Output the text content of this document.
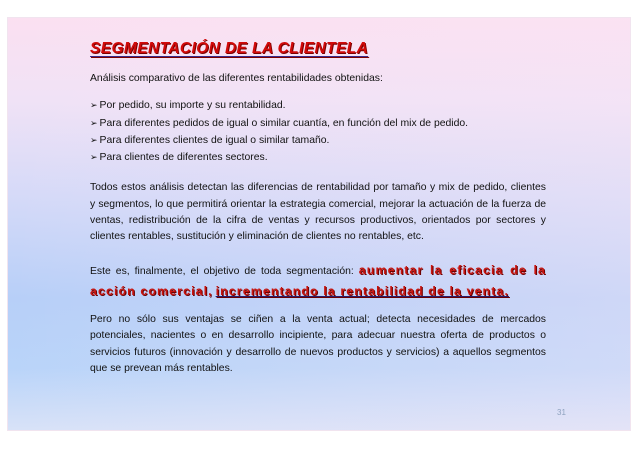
SEGMENTACIÓN DE LA CLIENTELA
Análisis comparativo de las diferentes rentabilidades obtenidas:
➢ Por pedido, su importe y su rentabilidad.
➢ Para diferentes pedidos de igual o similar cuantía, en función del mix de pedido.
➢ Para diferentes clientes de igual o similar tamaño.
➢ Para clientes de diferentes sectores.

Todos estos análisis detectan las diferencias de rentabilidad por tamaño y mix de pedido, clientes y segmentos, lo que permitirá orientar la estrategia comercial, mejorar la actuación de la fuerza de ventas, redistribución de la cifra de ventas y recursos productivos, orientados por sectores y clientes rentables, sustitución y eliminación de clientes no rentables, etc.

Este es, finalmente, el objetivo de toda segmentación: aumentar la eficacia de la acción comercial, incrementando la rentabilidad de la venta.

Pero no sólo sus ventajas se ciñen a la venta actual; detecta necesidades de mercados potenciales, nacientes o en desarrollo incipiente, para adecuar nuestra oferta de productos o servicios futuros (innovación y desarrollo de nuevos productos y servicios) a aquellos segmentos que se prevean más rentables.

31
